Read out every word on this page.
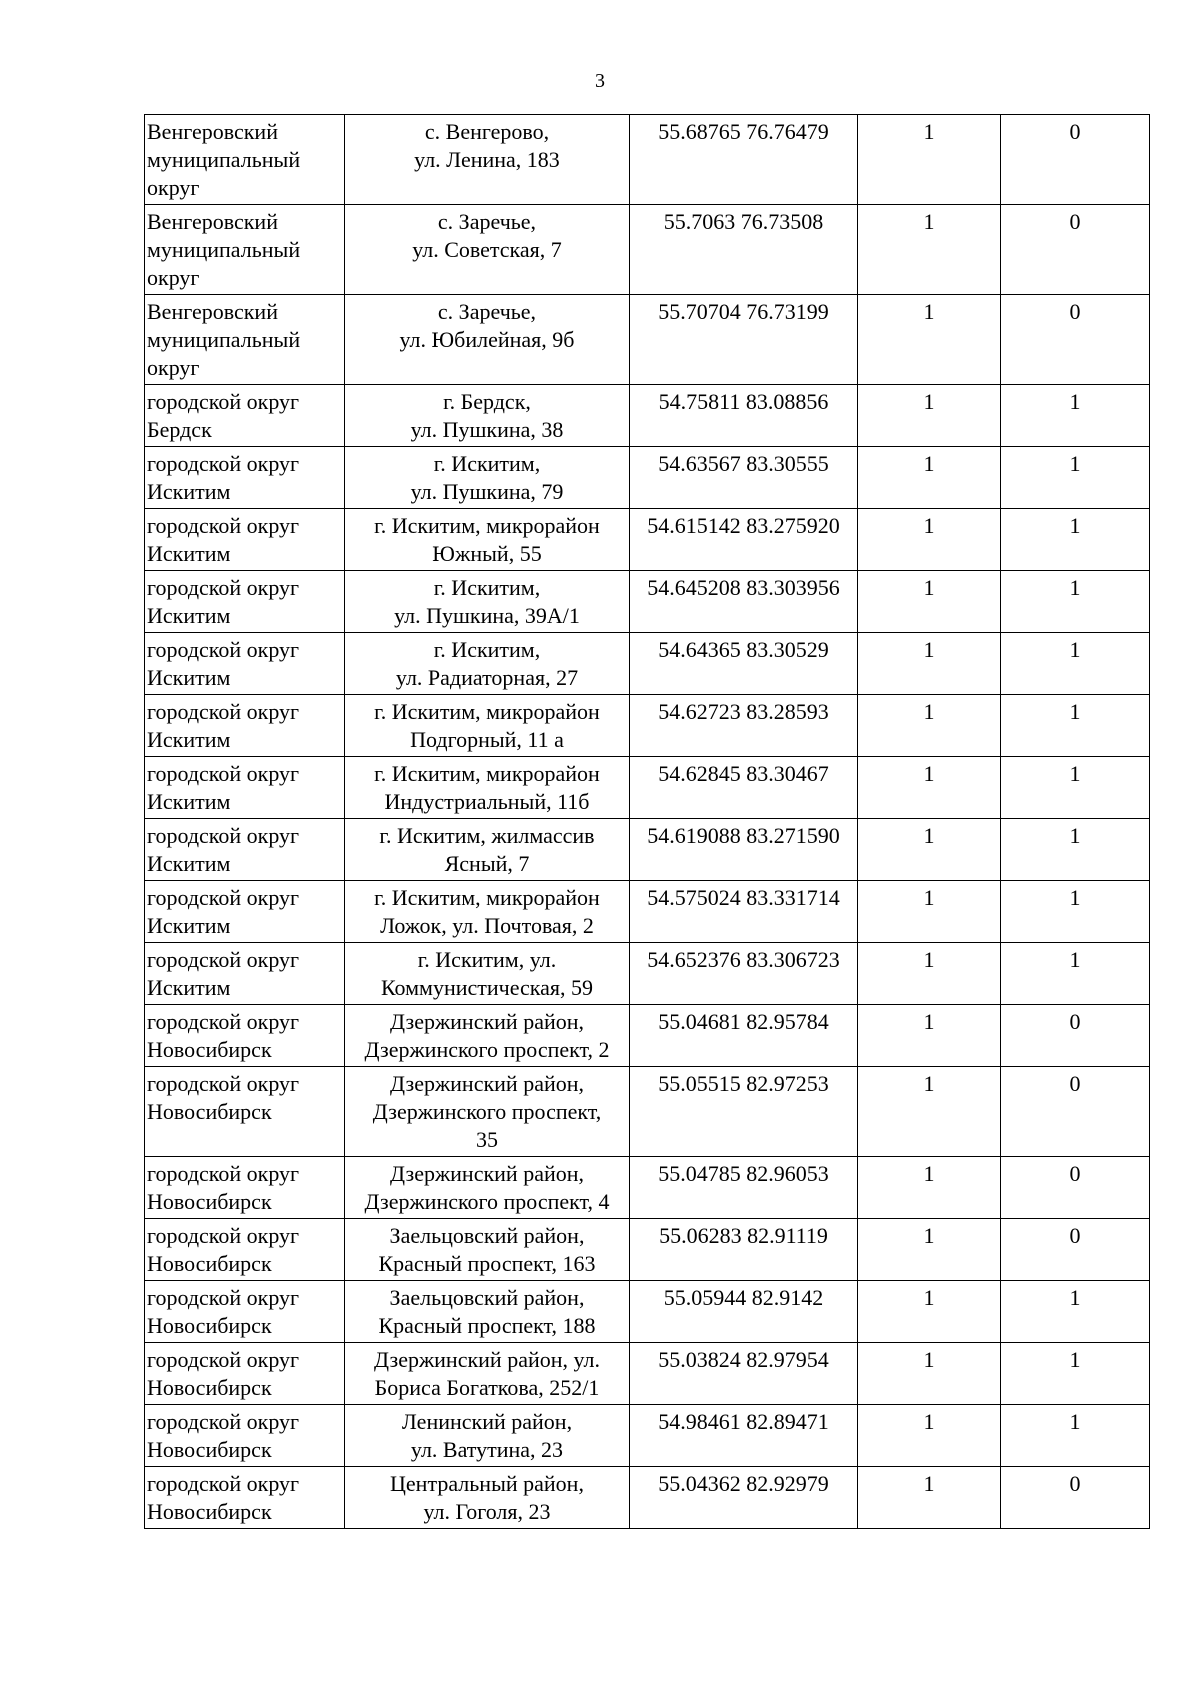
3
Венгеровский
муниципальный
округ	с. Венгерово,
ул. Ленина, 183	55.68765 76.76479	1	0

Венгеровский
муниципальный
округ	с. Заречье,
ул. Советская, 7	55.7063 76.73508	1	0

Венгеровский
муниципальный
округ	с. Заречье,
ул. Юбилейная, 9б	55.70704 76.73199	1	0

городской округ
Бердск	г. Бердск,
ул. Пушкина, 38	54.75811 83.08856	1	1

городской округ
Искитим	г. Искитим,
ул. Пушкина, 79	54.63567 83.30555	1	1

городской округ
Искитим	г. Искитим, микрорайон
Южный, 55	54.615142 83.275920	1	1

городской округ
Искитим	г. Искитим,
ул. Пушкина, 39А/1	54.645208 83.303956	1	1

городской округ
Искитим	г. Искитим,
ул. Радиаторная, 27	54.64365 83.30529	1	1

городской округ
Искитим	г. Искитим, микрорайон
Подгорный, 11 а	54.62723 83.28593	1	1

городской округ
Искитим	г. Искитим, микрорайон
Индустриальный, 11б	54.62845 83.30467	1	1

городской округ
Искитим	г. Искитим, жилмассив
Ясный, 7	54.619088 83.271590	1	1

городской округ
Искитим	г. Искитим, микрорайон
Ложок, ул. Почтовая, 2	54.575024 83.331714	1	1

городской округ
Искитим	г. Искитим, ул.
Коммунистическая, 59	54.652376 83.306723	1	1

городской округ
Новосибирск	Дзержинский район,
Дзержинского проспект, 2	55.04681 82.95784	1	0

городской округ
Новосибирск	Дзержинский район,
Дзержинского проспект,
35	55.05515 82.97253	1	0

городской округ
Новосибирск	Дзержинский район,
Дзержинского проспект, 4	55.04785 82.96053	1	0

городской округ
Новосибирск	Заельцовский район,
Красный проспект, 163	55.06283 82.91119	1	0

городской округ
Новосибирск	Заельцовский район,
Красный проспект, 188	55.05944 82.9142	1	1

городской округ
Новосибирск	Дзержинский район, ул.
Бориса Богаткова, 252/1	55.03824 82.97954	1	1

городской округ
Новосибирск	Ленинский район,
ул. Ватутина, 23	54.98461 82.89471	1	1

городской округ
Новосибирск	Центральный район,
ул. Гоголя, 23	55.04362 82.92979	1	0
